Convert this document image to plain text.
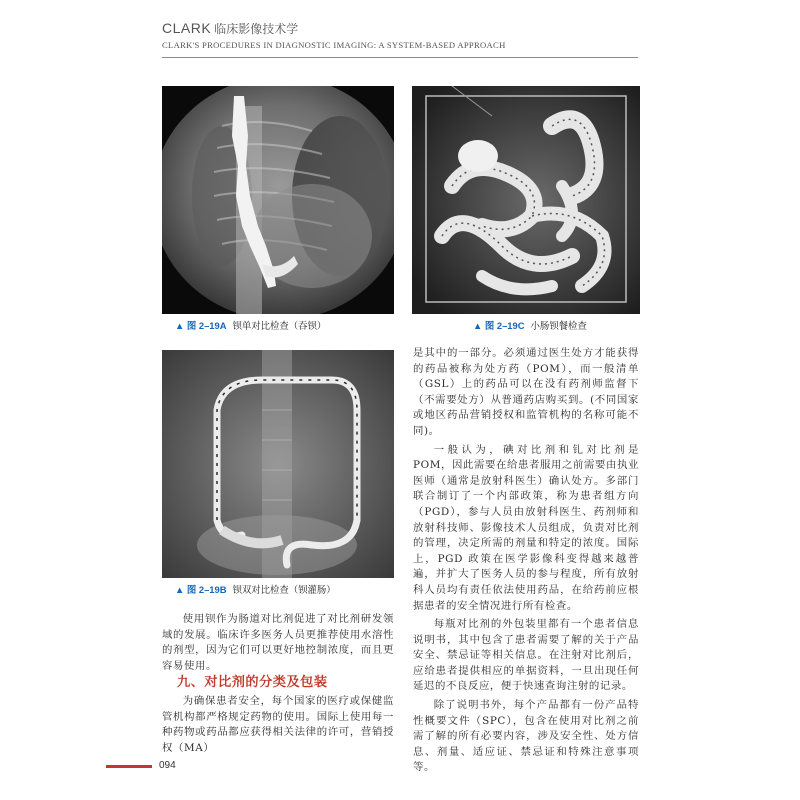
CLARK 临床影像技术学
CLARK'S PROCEDURES IN DIAGNOSTIC IMAGING: A SYSTEM-BASED APPROACH
▲ 图 2–19A 钡单对比检查（吞钡）	▲ 图 2–19C 小肠钡餐检查
▲ 图 2–19B 钡双对比检查（钡灌肠）

是其中的一部分。必须通过医生处方才能获得的药品被称为处方药（POM），而一般清单（GSL）上的药品可以在没有药剂师监督下（不需要处方）从普通药店购买到。(不同国家或地区药品营销授权和监管机构的名称可能不同)。

一般认为，碘对比剂和钆对比剂是 POM，因此需要在给患者服用之前需要由执业医师（通常是放射科医生）确认处方。多部门联合制订了一个内部政策，称为患者组方向（PGD），参与人员由放射科医生、药剂师和放射科技师、影像技术人员组成，负责对比剂的管理，决定所需的剂量和特定的浓度。国际上，PGD 政策在医学影像科变得越来越普遍，并扩大了医务人员的参与程度，所有放射科人员均有责任依法使用药品，在给药前应根据患者的安全情况进行所有检查。

每瓶对比剂的外包装里都有一个患者信息说明书，其中包含了患者需要了解的关于产品安全、禁忌证等相关信息。在注射对比剂后，应给患者提供相应的单据资料，一旦出现任何延迟的不良反应，便于快速查询注射的记录。

除了说明书外，每个产品都有一份产品特性概要文件（SPC），包含在使用对比剂之前需了解的所有必要内容，涉及安全性、处方信息、剂量、适应证、禁忌证和特殊注意事项等。

使用钡作为肠道对比剂促进了对比剂研发领域的发展。临床许多医务人员更推荐使用水溶性的剂型，因为它们可以更好地控制浓度，而且更容易使用。

九、对比剂的分类及包装

为确保患者安全，每个国家的医疗或保健监管机构都严格规定药物的使用。国际上使用每一种药物或药品都应获得相关法律的许可，营销授权（MA）

094
